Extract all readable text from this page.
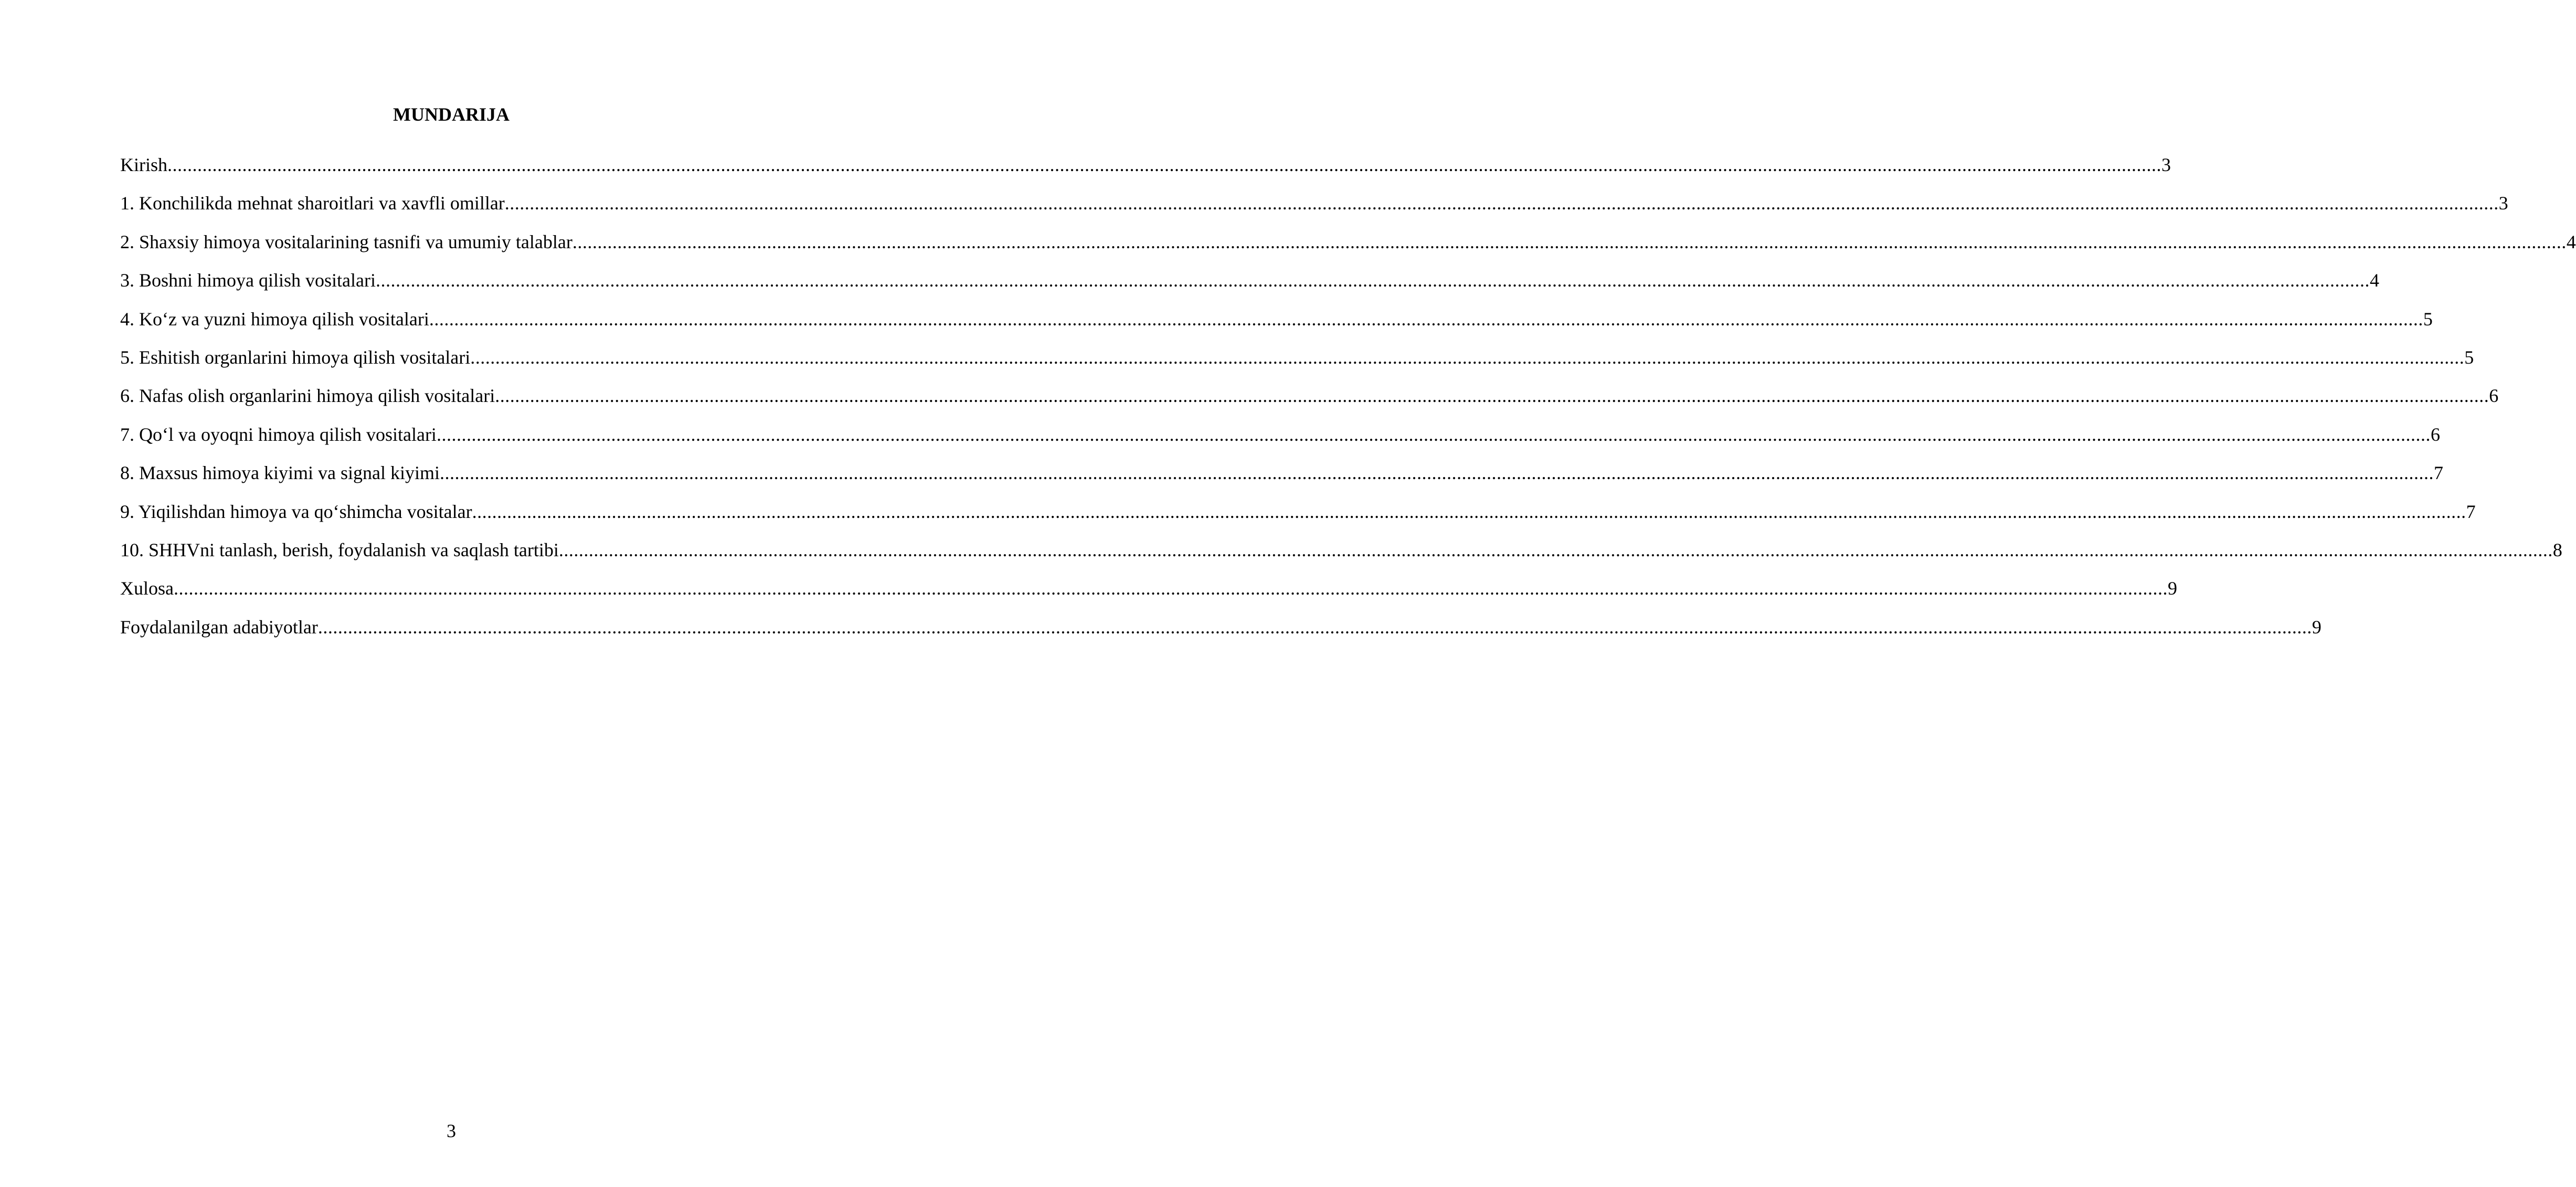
MUNDARIJA
Kirish ................................................................................................................................................................................................................................................................................................................................................................................................................ 3
1. Konchilikda mehnat sharoitlari va xavfli omillar ................................................................................................................................................................................................................................................................................................................................................................................................................ 3
2. Shaxsiy himoya vositalarining tasnifi va umumiy talablar ................................................................................................................................................................................................................................................................................................................................................................................................................ 4
3. Boshni himoya qilish vositalari ................................................................................................................................................................................................................................................................................................................................................................................................................ 4
4. Ko‘z va yuzni himoya qilish vositalari ................................................................................................................................................................................................................................................................................................................................................................................................................ 5
5. Eshitish organlarini himoya qilish vositalari ................................................................................................................................................................................................................................................................................................................................................................................................................ 5
6. Nafas olish organlarini himoya qilish vositalari ................................................................................................................................................................................................................................................................................................................................................................................................................ 6
7. Qo‘l va oyoqni himoya qilish vositalari ................................................................................................................................................................................................................................................................................................................................................................................................................ 6
8. Maxsus himoya kiyimi va signal kiyimi ................................................................................................................................................................................................................................................................................................................................................................................................................ 7
9. Yiqilishdan himoya va qo‘shimcha vositalar ................................................................................................................................................................................................................................................................................................................................................................................................................ 7
10. SHHVni tanlash, berish, foydalanish va saqlash tartibi ................................................................................................................................................................................................................................................................................................................................................................................................................ 8
Xulosa ................................................................................................................................................................................................................................................................................................................................................................................................................ 9
Foydalanilgan adabiyotlar ................................................................................................................................................................................................................................................................................................................................................................................................................ 9
3
